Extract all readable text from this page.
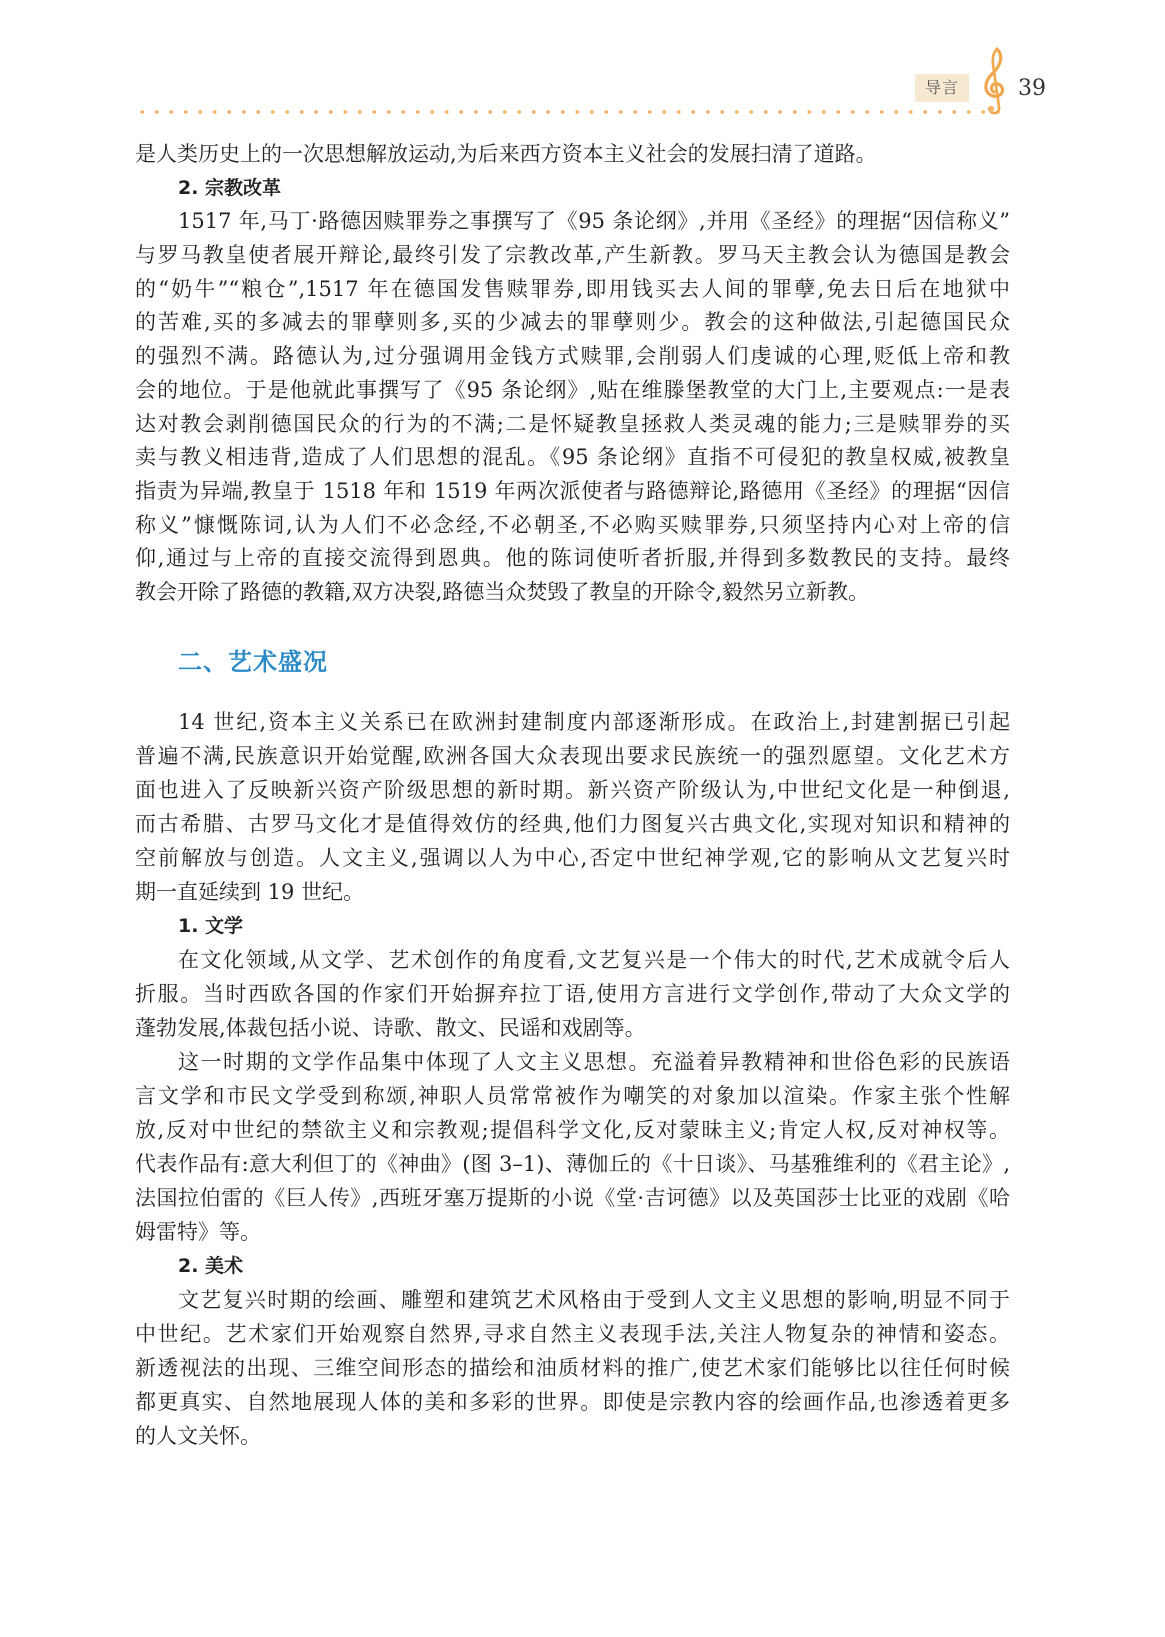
导言	39
是人类历史上的一次思想解放运动,为后来西方资本主义社会的发展扫清了道路。
2. 宗教改革
1517 年,马丁·路德因赎罪券之事撰写了《95 条论纲》,并用《圣经》的理据“因信称义”
与罗马教皇使者展开辩论,最终引发了宗教改革,产生新教。罗马天主教会认为德国是教会
的“奶牛”“粮仓”,1517 年在德国发售赎罪券,即用钱买去人间的罪孽,免去日后在地狱中
的苦难,买的多减去的罪孽则多,买的少减去的罪孽则少。教会的这种做法,引起德国民众
的强烈不满。路德认为,过分强调用金钱方式赎罪,会削弱人们虔诚的心理,贬低上帝和教
会的地位。于是他就此事撰写了《95 条论纲》,贴在维滕堡教堂的大门上,主要观点:一是表
达对教会剥削德国民众的行为的不满;二是怀疑教皇拯救人类灵魂的能力;三是赎罪券的买
卖与教义相违背,造成了人们思想的混乱。《95 条论纲》直指不可侵犯的教皇权威,被教皇
指责为异端,教皇于 1518 年和 1519 年两次派使者与路德辩论,路德用《圣经》的理据“因信
称义”慷慨陈词,认为人们不必念经,不必朝圣,不必购买赎罪券,只须坚持内心对上帝的信
仰,通过与上帝的直接交流得到恩典。他的陈词使听者折服,并得到多数教民的支持。最终
教会开除了路德的教籍,双方决裂,路德当众焚毁了教皇的开除令,毅然另立新教。
二、艺术盛况
14 世纪,资本主义关系已在欧洲封建制度内部逐渐形成。在政治上,封建割据已引起
普遍不满,民族意识开始觉醒,欧洲各国大众表现出要求民族统一的强烈愿望。文化艺术方
面也进入了反映新兴资产阶级思想的新时期。新兴资产阶级认为,中世纪文化是一种倒退,
而古希腊、古罗马文化才是值得效仿的经典,他们力图复兴古典文化,实现对知识和精神的
空前解放与创造。人文主义,强调以人为中心,否定中世纪神学观,它的影响从文艺复兴时
期一直延续到 19 世纪。
1. 文学
在文化领域,从文学、艺术创作的角度看,文艺复兴是一个伟大的时代,艺术成就令后人
折服。当时西欧各国的作家们开始摒弃拉丁语,使用方言进行文学创作,带动了大众文学的
蓬勃发展,体裁包括小说、诗歌、散文、民谣和戏剧等。
这一时期的文学作品集中体现了人文主义思想。充溢着异教精神和世俗色彩的民族语
言文学和市民文学受到称颂,神职人员常常被作为嘲笑的对象加以渲染。作家主张个性解
放,反对中世纪的禁欲主义和宗教观;提倡科学文化,反对蒙昧主义;肯定人权,反对神权等。
代表作品有:意大利但丁的《神曲》(图 3–1)、薄伽丘的《十日谈》、马基雅维利的《君主论》,
法国拉伯雷的《巨人传》,西班牙塞万提斯的小说《堂·吉诃德》以及英国莎士比亚的戏剧《哈
姆雷特》等。
2. 美术
文艺复兴时期的绘画、雕塑和建筑艺术风格由于受到人文主义思想的影响,明显不同于
中世纪。艺术家们开始观察自然界,寻求自然主义表现手法,关注人物复杂的神情和姿态。
新透视法的出现、三维空间形态的描绘和油质材料的推广,使艺术家们能够比以往任何时候
都更真实、自然地展现人体的美和多彩的世界。即使是宗教内容的绘画作品,也渗透着更多
的人文关怀。
